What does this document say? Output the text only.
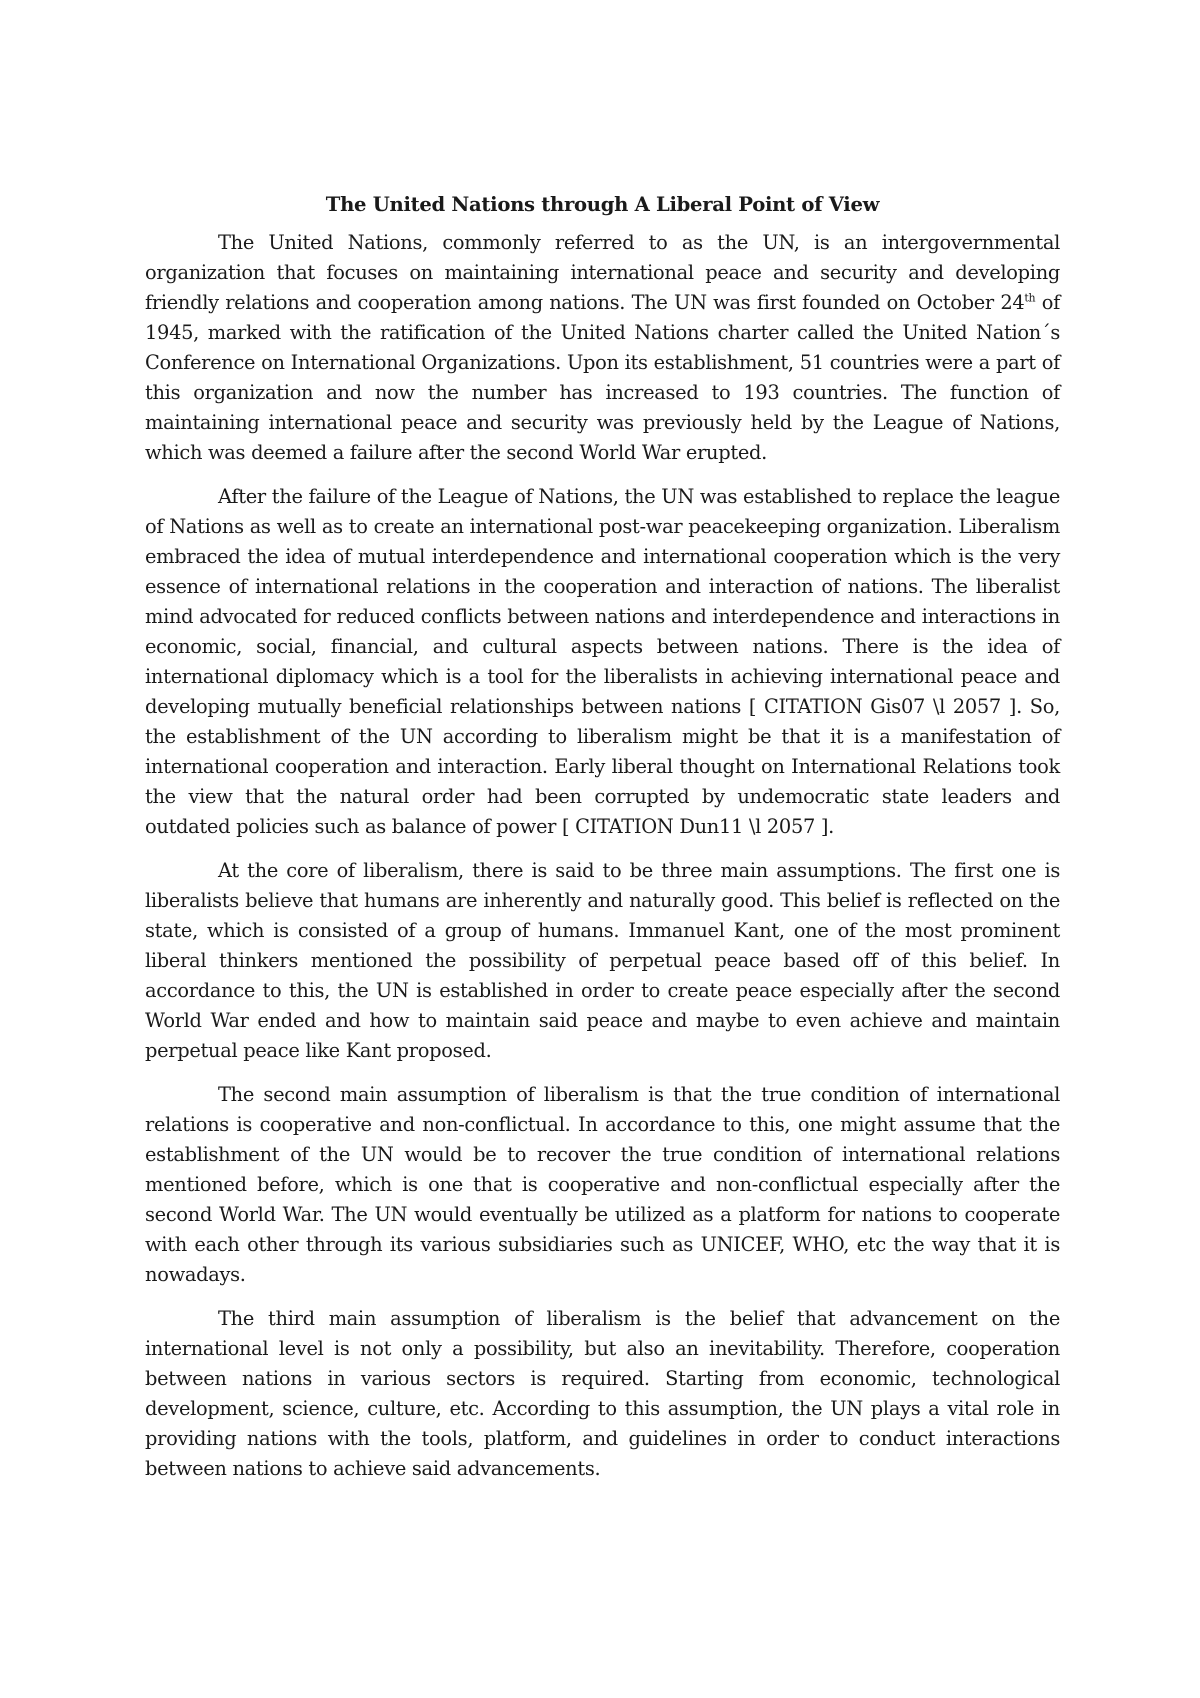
The United Nations through A Liberal Point of View

The United Nations, commonly referred to as the UN, is an intergovernmental organization that focuses on maintaining international peace and security and developing friendly relations and cooperation among nations. The UN was first founded on October 24th of 1945, marked with the ratification of the United Nations charter called the United Nation´s Conference on International Organizations. Upon its establishment, 51 countries were a part of this organization and now the number has increased to 193 countries. The function of maintaining international peace and security was previously held by the League of Nations, which was deemed a failure after the second World War erupted.

After the failure of the League of Nations, the UN was established to replace the league of Nations as well as to create an international post-war peacekeeping organization. Liberalism embraced the idea of mutual interdependence and international cooperation which is the very essence of international relations in the cooperation and interaction of nations. The liberalist mind advocated for reduced conflicts between nations and interdependence and interactions in economic, social, financial, and cultural aspects between nations. There is the idea of international diplomacy which is a tool for the liberalists in achieving international peace and developing mutually beneficial relationships between nations [ CITATION Gis07 \l 2057 ]. So, the establishment of the UN according to liberalism might be that it is a manifestation of international cooperation and interaction. Early liberal thought on International Relations took the view that the natural order had been corrupted by undemocratic state leaders and outdated policies such as balance of power [ CITATION Dun11 \l 2057 ].

At the core of liberalism, there is said to be three main assumptions. The first one is liberalists believe that humans are inherently and naturally good. This belief is reflected on the state, which is consisted of a group of humans. Immanuel Kant, one of the most prominent liberal thinkers mentioned the possibility of perpetual peace based off of this belief. In accordance to this, the UN is established in order to create peace especially after the second World War ended and how to maintain said peace and maybe to even achieve and maintain perpetual peace like Kant proposed.

The second main assumption of liberalism is that the true condition of international relations is cooperative and non-conflictual. In accordance to this, one might assume that the establishment of the UN would be to recover the true condition of international relations mentioned before, which is one that is cooperative and non-conflictual especially after the second World War. The UN would eventually be utilized as a platform for nations to cooperate with each other through its various subsidiaries such as UNICEF, WHO, etc the way that it is nowadays.

The third main assumption of liberalism is the belief that advancement on the international level is not only a possibility, but also an inevitability. Therefore, cooperation between nations in various sectors is required. Starting from economic, technological development, science, culture, etc. According to this assumption, the UN plays a vital role in providing nations with the tools, platform, and guidelines in order to conduct interactions between nations to achieve said advancements.
